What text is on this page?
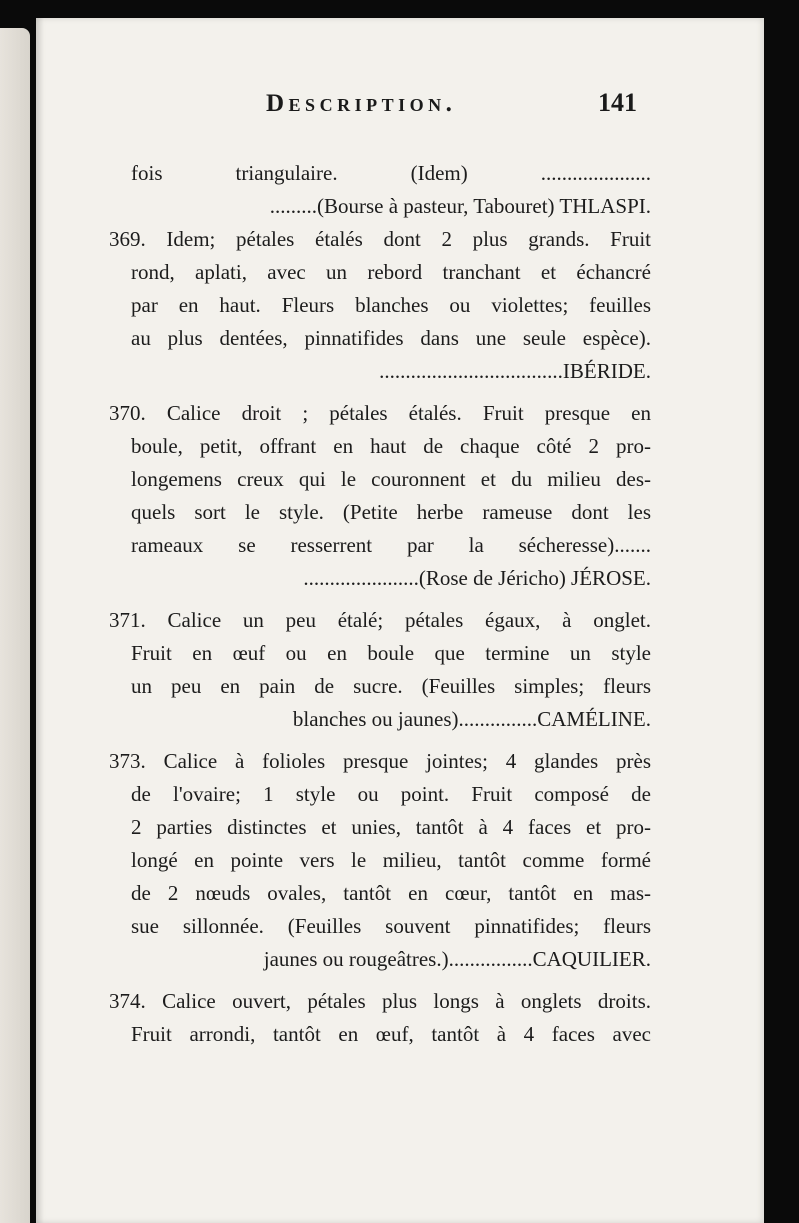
Description.	141
fois triangulaire. (Idem) .....................
.........(Bourse à pasteur, Tabouret) THLASPI.
369. Idem; pétales étalés dont 2 plus grands. Fruit
rond, aplati, avec un rebord tranchant et échancré
par en haut. Fleurs blanches ou violettes; feuilles
au plus dentées, pinnatifides dans une seule espèce).
...................................IBÉRIDE.
370. Calice droit ; pétales étalés. Fruit presque en
boule, petit, offrant en haut de chaque côté 2 pro-
longemens creux qui le couronnent et du milieu des-
quels sort le style. (Petite herbe rameuse dont les
rameaux se resserrent par la sécheresse).......
......................(Rose de Jéricho) JÉROSE.
371. Calice un peu étalé; pétales égaux, à onglet.
Fruit en œuf ou en boule que termine un style
un peu en pain de sucre. (Feuilles simples; fleurs
blanches ou jaunes)...............CAMÉLINE.
373. Calice à folioles presque jointes; 4 glandes près
de l'ovaire; 1 style ou point. Fruit composé de
2 parties distinctes et unies, tantôt à 4 faces et pro-
longé en pointe vers le milieu, tantôt comme formé
de 2 nœuds ovales, tantôt en cœur, tantôt en mas-
sue sillonnée. (Feuilles souvent pinnatifides; fleurs
jaunes ou rougeâtres.)................CAQUILIER.
374. Calice ouvert, pétales plus longs à onglets droits.
Fruit arrondi, tantôt en œuf, tantôt à 4 faces avec
